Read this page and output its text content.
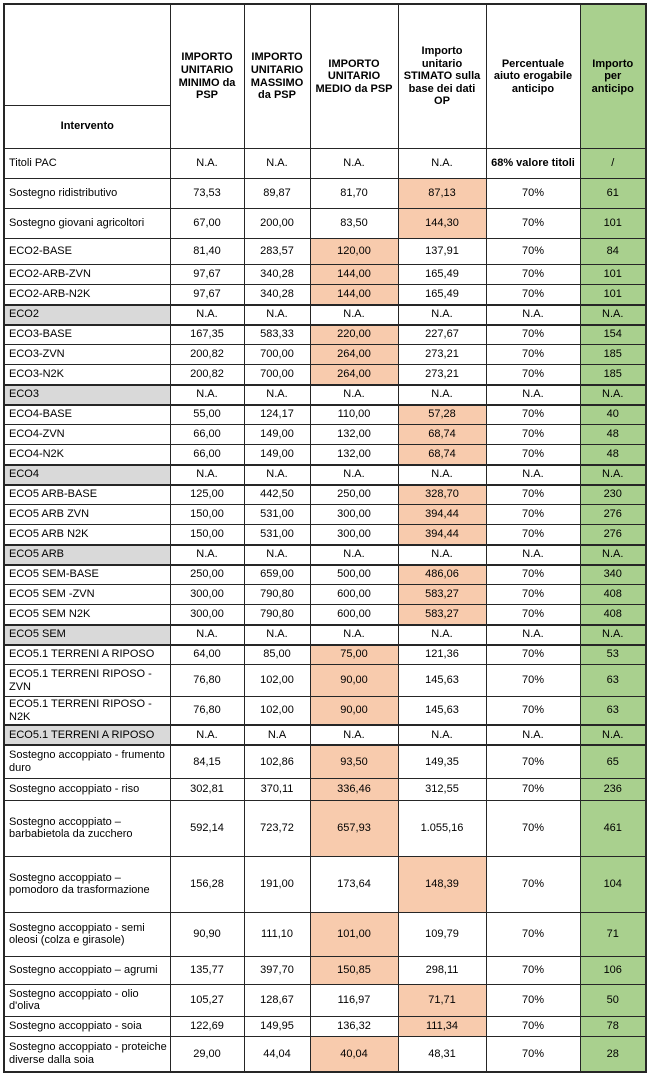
Intervento	IMPORTO UNITARIO MINIMO da PSP	IMPORTO UNITARIO MASSIMO da PSP	IMPORTO UNITARIO MEDIO da PSP	Importo unitario STIMATO sulla base dei dati OP	Percentuale aiuto erogabile anticipo	Importo per anticipo
Titoli PAC	N.A.	N.A.	N.A.	N.A.	68% valore titoli	/
Sostegno ridistributivo	73,53	89,87	81,70	87,13	70%	61
Sostegno giovani agricoltori	67,00	200,00	83,50	144,30	70%	101
ECO2-BASE	81,40	283,57	120,00	137,91	70%	84
ECO2-ARB-ZVN	97,67	340,28	144,00	165,49	70%	101
ECO2-ARB-N2K	97,67	340,28	144,00	165,49	70%	101
ECO2	N.A.	N.A.	N.A.	N.A.	N.A.	N.A.
ECO3-BASE	167,35	583,33	220,00	227,67	70%	154
ECO3-ZVN	200,82	700,00	264,00	273,21	70%	185
ECO3-N2K	200,82	700,00	264,00	273,21	70%	185
ECO3	N.A.	N.A.	N.A.	N.A.	N.A.	N.A.
ECO4-BASE	55,00	124,17	110,00	57,28	70%	40
ECO4-ZVN	66,00	149,00	132,00	68,74	70%	48
ECO4-N2K	66,00	149,00	132,00	68,74	70%	48
ECO4	N.A.	N.A.	N.A.	N.A.	N.A.	N.A.
ECO5 ARB-BASE	125,00	442,50	250,00	328,70	70%	230
ECO5 ARB ZVN	150,00	531,00	300,00	394,44	70%	276
ECO5 ARB N2K	150,00	531,00	300,00	394,44	70%	276
ECO5 ARB	N.A.	N.A.	N.A.	N.A.	N.A.	N.A.
ECO5 SEM-BASE	250,00	659,00	500,00	486,06	70%	340
ECO5 SEM -ZVN	300,00	790,80	600,00	583,27	70%	408
ECO5 SEM N2K	300,00	790,80	600,00	583,27	70%	408
ECO5 SEM	N.A.	N.A.	N.A.	N.A.	N.A.	N.A.
ECO5.1 TERRENI A RIPOSO	64,00	85,00	75,00	121,36	70%	53
ECO5.1 TERRENI RIPOSO - ZVN	76,80	102,00	90,00	145,63	70%	63
ECO5.1 TERRENI RIPOSO -N2K	76,80	102,00	90,00	145,63	70%	63
ECO5.1 TERRENI A RIPOSO	N.A.	N.A	N.A.	N.A.	N.A.	N.A.
Sostegno accoppiato - frumento duro	84,15	102,86	93,50	149,35	70%	65
Sostegno accoppiato - riso	302,81	370,11	336,46	312,55	70%	236
Sostegno accoppiato – barbabietola da zucchero	592,14	723,72	657,93	1.055,16	70%	461
Sostegno accoppiato – pomodoro da trasformazione	156,28	191,00	173,64	148,39	70%	104
Sostegno accoppiato - semi oleosi (colza e girasole)	90,90	111,10	101,00	109,79	70%	71
Sostegno accoppiato – agrumi	135,77	397,70	150,85	298,11	70%	106
Sostegno accoppiato - olio d'oliva	105,27	128,67	116,97	71,71	70%	50
Sostegno accoppiato - soia	122,69	149,95	136,32	111,34	70%	78
Sostegno accoppiato - proteiche diverse dalla soia	29,00	44,04	40,04	48,31	70%	28
